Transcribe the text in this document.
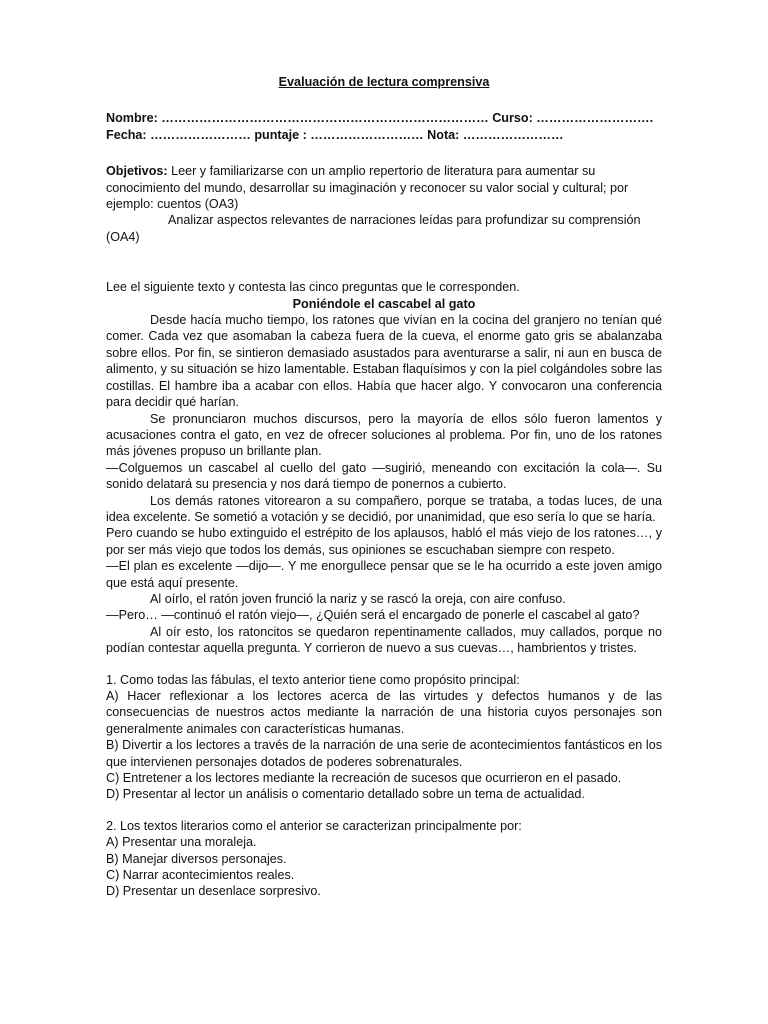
Evaluación de lectura comprensiva

Nombre: …………………………………………………………………… Curso: ……………………….

Fecha: …………………… puntaje : ……………………… Nota: ……………………

Objetivos: Leer y familiarizarse con un amplio repertorio de literatura para aumentar su conocimiento del mundo, desarrollar su imaginación y reconocer su valor social y cultural; por ejemplo: cuentos (OA3)
Analizar aspectos relevantes de narraciones leídas para profundizar su comprensión
(OA4)
Lee el siguiente texto y contesta las cinco preguntas que le corresponden.
Poniéndole el cascabel al gato

Desde hacía mucho tiempo, los ratones que vivían en la cocina del granjero no tenían qué comer. Cada vez que asomaban la cabeza fuera de la cueva, el enorme gato gris se abalanzaba sobre ellos. Por fin, se sintieron demasiado asustados para aventurarse a salir, ni aun en busca de alimento, y su situación se hizo lamentable. Estaban flaquísimos y con la piel colgándoles sobre las costillas. El hambre iba a acabar con ellos. Había que hacer algo. Y convocaron una conferencia para decidir qué harían.

Se pronunciaron muchos discursos, pero la mayoría de ellos sólo fueron lamentos y acusaciones contra el gato, en vez de ofrecer soluciones al problema. Por fin, uno de los ratones más jóvenes propuso un brillante plan.

—Colguemos un cascabel al cuello del gato —sugirió, meneando con excitación la cola—. Su sonido delatará su presencia y nos dará tiempo de ponernos a cubierto.

Los demás ratones vitorearon a su compañero, porque se trataba, a todas luces, de una idea excelente. Se sometió a votación y se decidió, por unanimidad, que eso sería lo que se haría.

Pero cuando se hubo extinguido el estrépito de los aplausos, habló el más viejo de los ratones…, y por ser más viejo que todos los demás, sus opiniones se escuchaban siempre con respeto.

—El plan es excelente —dijo—. Y me enorgullece pensar que se le ha ocurrido a este joven amigo que está aquí presente.

Al oírlo, el ratón joven frunció la nariz y se rascó la oreja, con aire confuso.

—Pero… —continuó el ratón viejo—, ¿Quién será el encargado de ponerle el cascabel al gato?

Al oír esto, los ratoncitos se quedaron repentinamente callados, muy callados, porque no podían contestar aquella pregunta. Y corrieron de nuevo a sus cuevas…, hambrientos y tristes.

1. Como todas las fábulas, el texto anterior tiene como propósito principal:

A) Hacer reflexionar a los lectores acerca de las virtudes y defectos humanos y de las consecuencias de nuestros actos mediante la narración de una historia cuyos personajes son generalmente animales con características humanas.

B) Divertir a los lectores a través de la narración de una serie de acontecimientos fantásticos en los que intervienen personajes dotados de poderes sobrenaturales.

C) Entretener a los lectores mediante la recreación de sucesos que ocurrieron en el pasado.

D) Presentar al lector un análisis o comentario detallado sobre un tema de actualidad.

2. Los textos literarios como el anterior se caracterizan principalmente por:

A) Presentar una moraleja.

B) Manejar diversos personajes.

C) Narrar acontecimientos reales.

D) Presentar un desenlace sorpresivo.
